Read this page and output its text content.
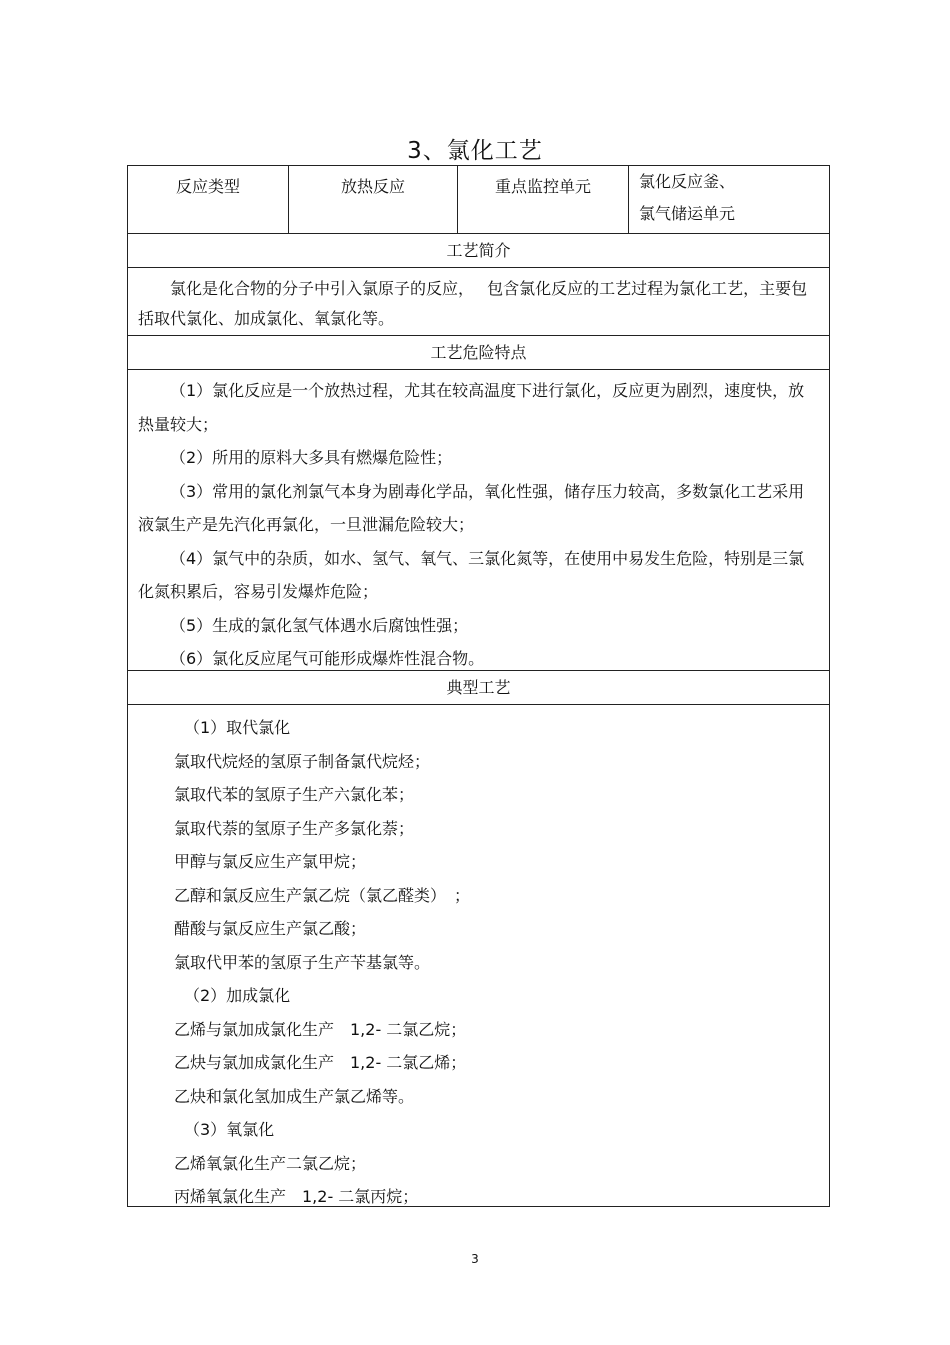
3、氯化工艺
反应类型	放热反应	重点监控单元	氯化反应釜、
氯气储运单元
工艺简介

氯化是化合物的分子中引入氯原子的反应，　 包含氯化反应的工艺过程为氯化工艺，主要包括取代氯化、加成氯化、氧氯化等。

工艺危险特点

（1）氯化反应是一个放热过程，尤其在较高温度下进行氯化，反应更为剧烈，速度快，放热量较大；

（2）所用的原料大多具有燃爆危险性；

（3）常用的氯化剂氯气本身为剧毒化学品，氧化性强，储存压力较高，多数氯化工艺采用液氯生产是先汽化再氯化，一旦泄漏危险较大；

（4）氯气中的杂质，如水、氢气、氧气、三氯化氮等，在使用中易发生危险，特别是三氯化氮积累后，容易引发爆炸危险；

（5）生成的氯化氢气体遇水后腐蚀性强；

（6）氯化反应尾气可能形成爆炸性混合物。

典型工艺

（1）取代氯化

氯取代烷烃的氢原子制备氯代烷烃；

氯取代苯的氢原子生产六氯化苯；

氯取代萘的氢原子生产多氯化萘；

甲醇与氯反应生产氯甲烷；

乙醇和氯反应生产氯乙烷（氯乙醛类）　；

醋酸与氯反应生产氯乙酸；

氯取代甲苯的氢原子生产苄基氯等。

（2）加成氯化

乙烯与氯加成氯化生产　1,2- 二氯乙烷；

乙炔与氯加成氯化生产　1,2- 二氯乙烯；

乙炔和氯化氢加成生产氯乙烯等。

（3）氧氯化

乙烯氧氯化生产二氯乙烷；

丙烯氧氯化生产　1,2- 二氯丙烷；

3
